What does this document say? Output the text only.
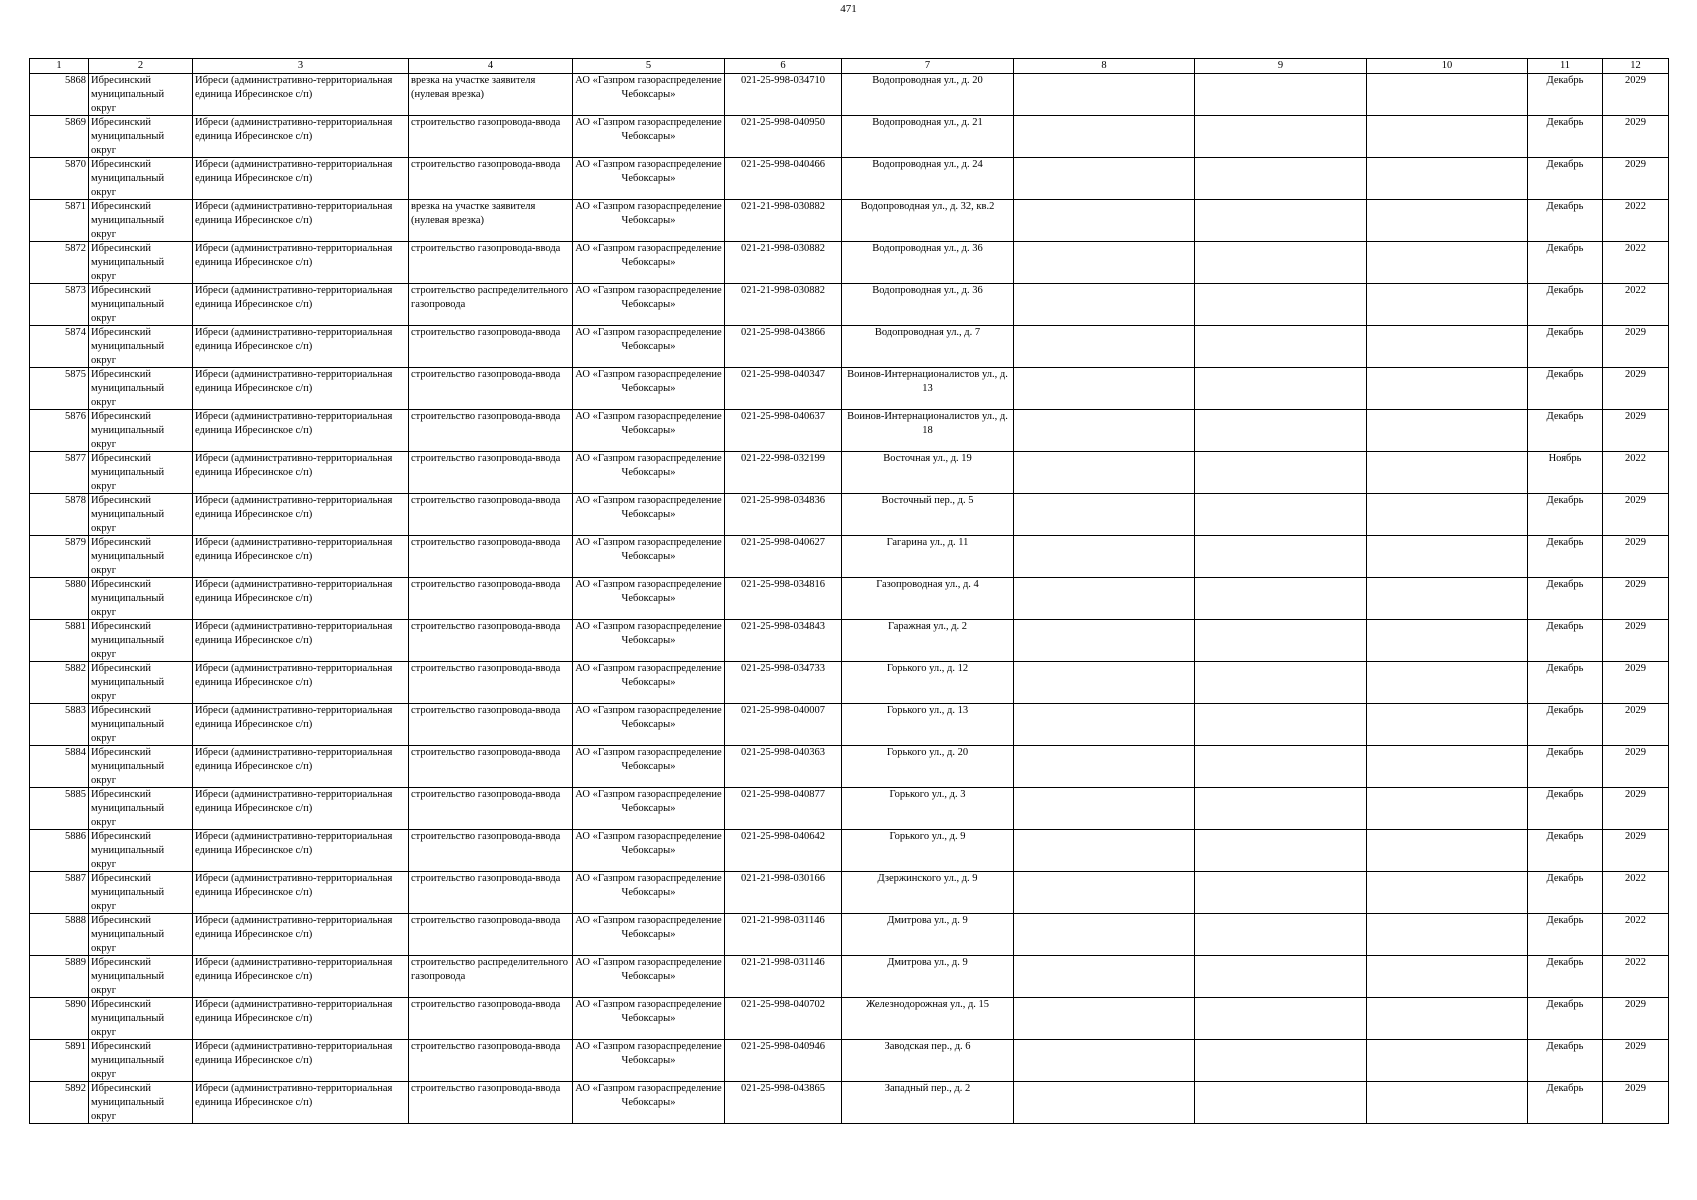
471
1	2	3	4	5	6	7	8	9	10	11	12

5868	Ибресинский муниципальный округ	Ибреси (административно-территориальная единица Ибресинское с/п)	врезка на участке заявителя (нулевая врезка)	АО «Газпром газораспределение Чебоксары»	021-25-998-034710	Водопроводная ул., д. 20				Декабрь	2029

5869	Ибресинский муниципальный округ	Ибреси (административно-территориальная единица Ибресинское с/п)	строительство газопровода-ввода	АО «Газпром газораспределение Чебоксары»	021-25-998-040950	Водопроводная ул., д. 21				Декабрь	2029

5870	Ибресинский муниципальный округ	Ибреси (административно-территориальная единица Ибресинское с/п)	строительство газопровода-ввода	АО «Газпром газораспределение Чебоксары»	021-25-998-040466	Водопроводная ул., д. 24				Декабрь	2029

5871	Ибресинский муниципальный округ	Ибреси (административно-территориальная единица Ибресинское с/п)	врезка на участке заявителя (нулевая врезка)	АО «Газпром газораспределение Чебоксары»	021-21-998-030882	Водопроводная ул., д. 32, кв.2				Декабрь	2022

5872	Ибресинский муниципальный округ	Ибреси (административно-территориальная единица Ибресинское с/п)	строительство газопровода-ввода	АО «Газпром газораспределение Чебоксары»	021-21-998-030882	Водопроводная ул., д. 36				Декабрь	2022

5873	Ибресинский муниципальный округ	Ибреси (административно-территориальная единица Ибресинское с/п)	строительство распределительного газопровода	АО «Газпром газораспределение Чебоксары»	021-21-998-030882	Водопроводная ул., д. 36				Декабрь	2022

5874	Ибресинский муниципальный округ	Ибреси (административно-территориальная единица Ибресинское с/п)	строительство газопровода-ввода	АО «Газпром газораспределение Чебоксары»	021-25-998-043866	Водопроводная ул., д. 7				Декабрь	2029

5875	Ибресинский муниципальный округ	Ибреси (административно-территориальная единица Ибресинское с/п)	строительство газопровода-ввода	АО «Газпром газораспределение Чебоксары»	021-25-998-040347	Воинов-Интернационалистов ул., д. 13				Декабрь	2029

5876	Ибресинский муниципальный округ	Ибреси (административно-территориальная единица Ибресинское с/п)	строительство газопровода-ввода	АО «Газпром газораспределение Чебоксары»	021-25-998-040637	Воинов-Интернационалистов ул., д. 18				Декабрь	2029

5877	Ибресинский муниципальный округ	Ибреси (административно-территориальная единица Ибресинское с/п)	строительство газопровода-ввода	АО «Газпром газораспределение Чебоксары»	021-22-998-032199	Восточная ул., д. 19				Ноябрь	2022

5878	Ибресинский муниципальный округ	Ибреси (административно-территориальная единица Ибресинское с/п)	строительство газопровода-ввода	АО «Газпром газораспределение Чебоксары»	021-25-998-034836	Восточный пер., д. 5				Декабрь	2029

5879	Ибресинский муниципальный округ	Ибреси (административно-территориальная единица Ибресинское с/п)	строительство газопровода-ввода	АО «Газпром газораспределение Чебоксары»	021-25-998-040627	Гагарина ул., д. 11				Декабрь	2029

5880	Ибресинский муниципальный округ	Ибреси (административно-территориальная единица Ибресинское с/п)	строительство газопровода-ввода	АО «Газпром газораспределение Чебоксары»	021-25-998-034816	Газопроводная ул., д. 4				Декабрь	2029

5881	Ибресинский муниципальный округ	Ибреси (административно-территориальная единица Ибресинское с/п)	строительство газопровода-ввода	АО «Газпром газораспределение Чебоксары»	021-25-998-034843	Гаражная ул., д. 2				Декабрь	2029

5882	Ибресинский муниципальный округ	Ибреси (административно-территориальная единица Ибресинское с/п)	строительство газопровода-ввода	АО «Газпром газораспределение Чебоксары»	021-25-998-034733	Горького ул., д. 12				Декабрь	2029

5883	Ибресинский муниципальный округ	Ибреси (административно-территориальная единица Ибресинское с/п)	строительство газопровода-ввода	АО «Газпром газораспределение Чебоксары»	021-25-998-040007	Горького ул., д. 13				Декабрь	2029

5884	Ибресинский муниципальный округ	Ибреси (административно-территориальная единица Ибресинское с/п)	строительство газопровода-ввода	АО «Газпром газораспределение Чебоксары»	021-25-998-040363	Горького ул., д. 20				Декабрь	2029

5885	Ибресинский муниципальный округ	Ибреси (административно-территориальная единица Ибресинское с/п)	строительство газопровода-ввода	АО «Газпром газораспределение Чебоксары»	021-25-998-040877	Горького ул., д. 3				Декабрь	2029

5886	Ибресинский муниципальный округ	Ибреси (административно-территориальная единица Ибресинское с/п)	строительство газопровода-ввода	АО «Газпром газораспределение Чебоксары»	021-25-998-040642	Горького ул., д. 9				Декабрь	2029

5887	Ибресинский муниципальный округ	Ибреси (административно-территориальная единица Ибресинское с/п)	строительство газопровода-ввода	АО «Газпром газораспределение Чебоксары»	021-21-998-030166	Дзержинского ул., д. 9				Декабрь	2022

5888	Ибресинский муниципальный округ	Ибреси (административно-территориальная единица Ибресинское с/п)	строительство газопровода-ввода	АО «Газпром газораспределение Чебоксары»	021-21-998-031146	Дмитрова ул., д. 9				Декабрь	2022

5889	Ибресинский муниципальный округ	Ибреси (административно-территориальная единица Ибресинское с/п)	строительство распределительного газопровода	АО «Газпром газораспределение Чебоксары»	021-21-998-031146	Дмитрова ул., д. 9				Декабрь	2022

5890	Ибресинский муниципальный округ	Ибреси (административно-территориальная единица Ибресинское с/п)	строительство газопровода-ввода	АО «Газпром газораспределение Чебоксары»	021-25-998-040702	Железнодорожная ул., д. 15				Декабрь	2029

5891	Ибресинский муниципальный округ	Ибреси (административно-территориальная единица Ибресинское с/п)	строительство газопровода-ввода	АО «Газпром газораспределение Чебоксары»	021-25-998-040946	Заводская пер., д. 6				Декабрь	2029

5892	Ибресинский муниципальный округ	Ибреси (административно-территориальная единица Ибресинское с/п)	строительство газопровода-ввода	АО «Газпром газораспределение Чебоксары»	021-25-998-043865	Западный пер., д. 2				Декабрь	2029
